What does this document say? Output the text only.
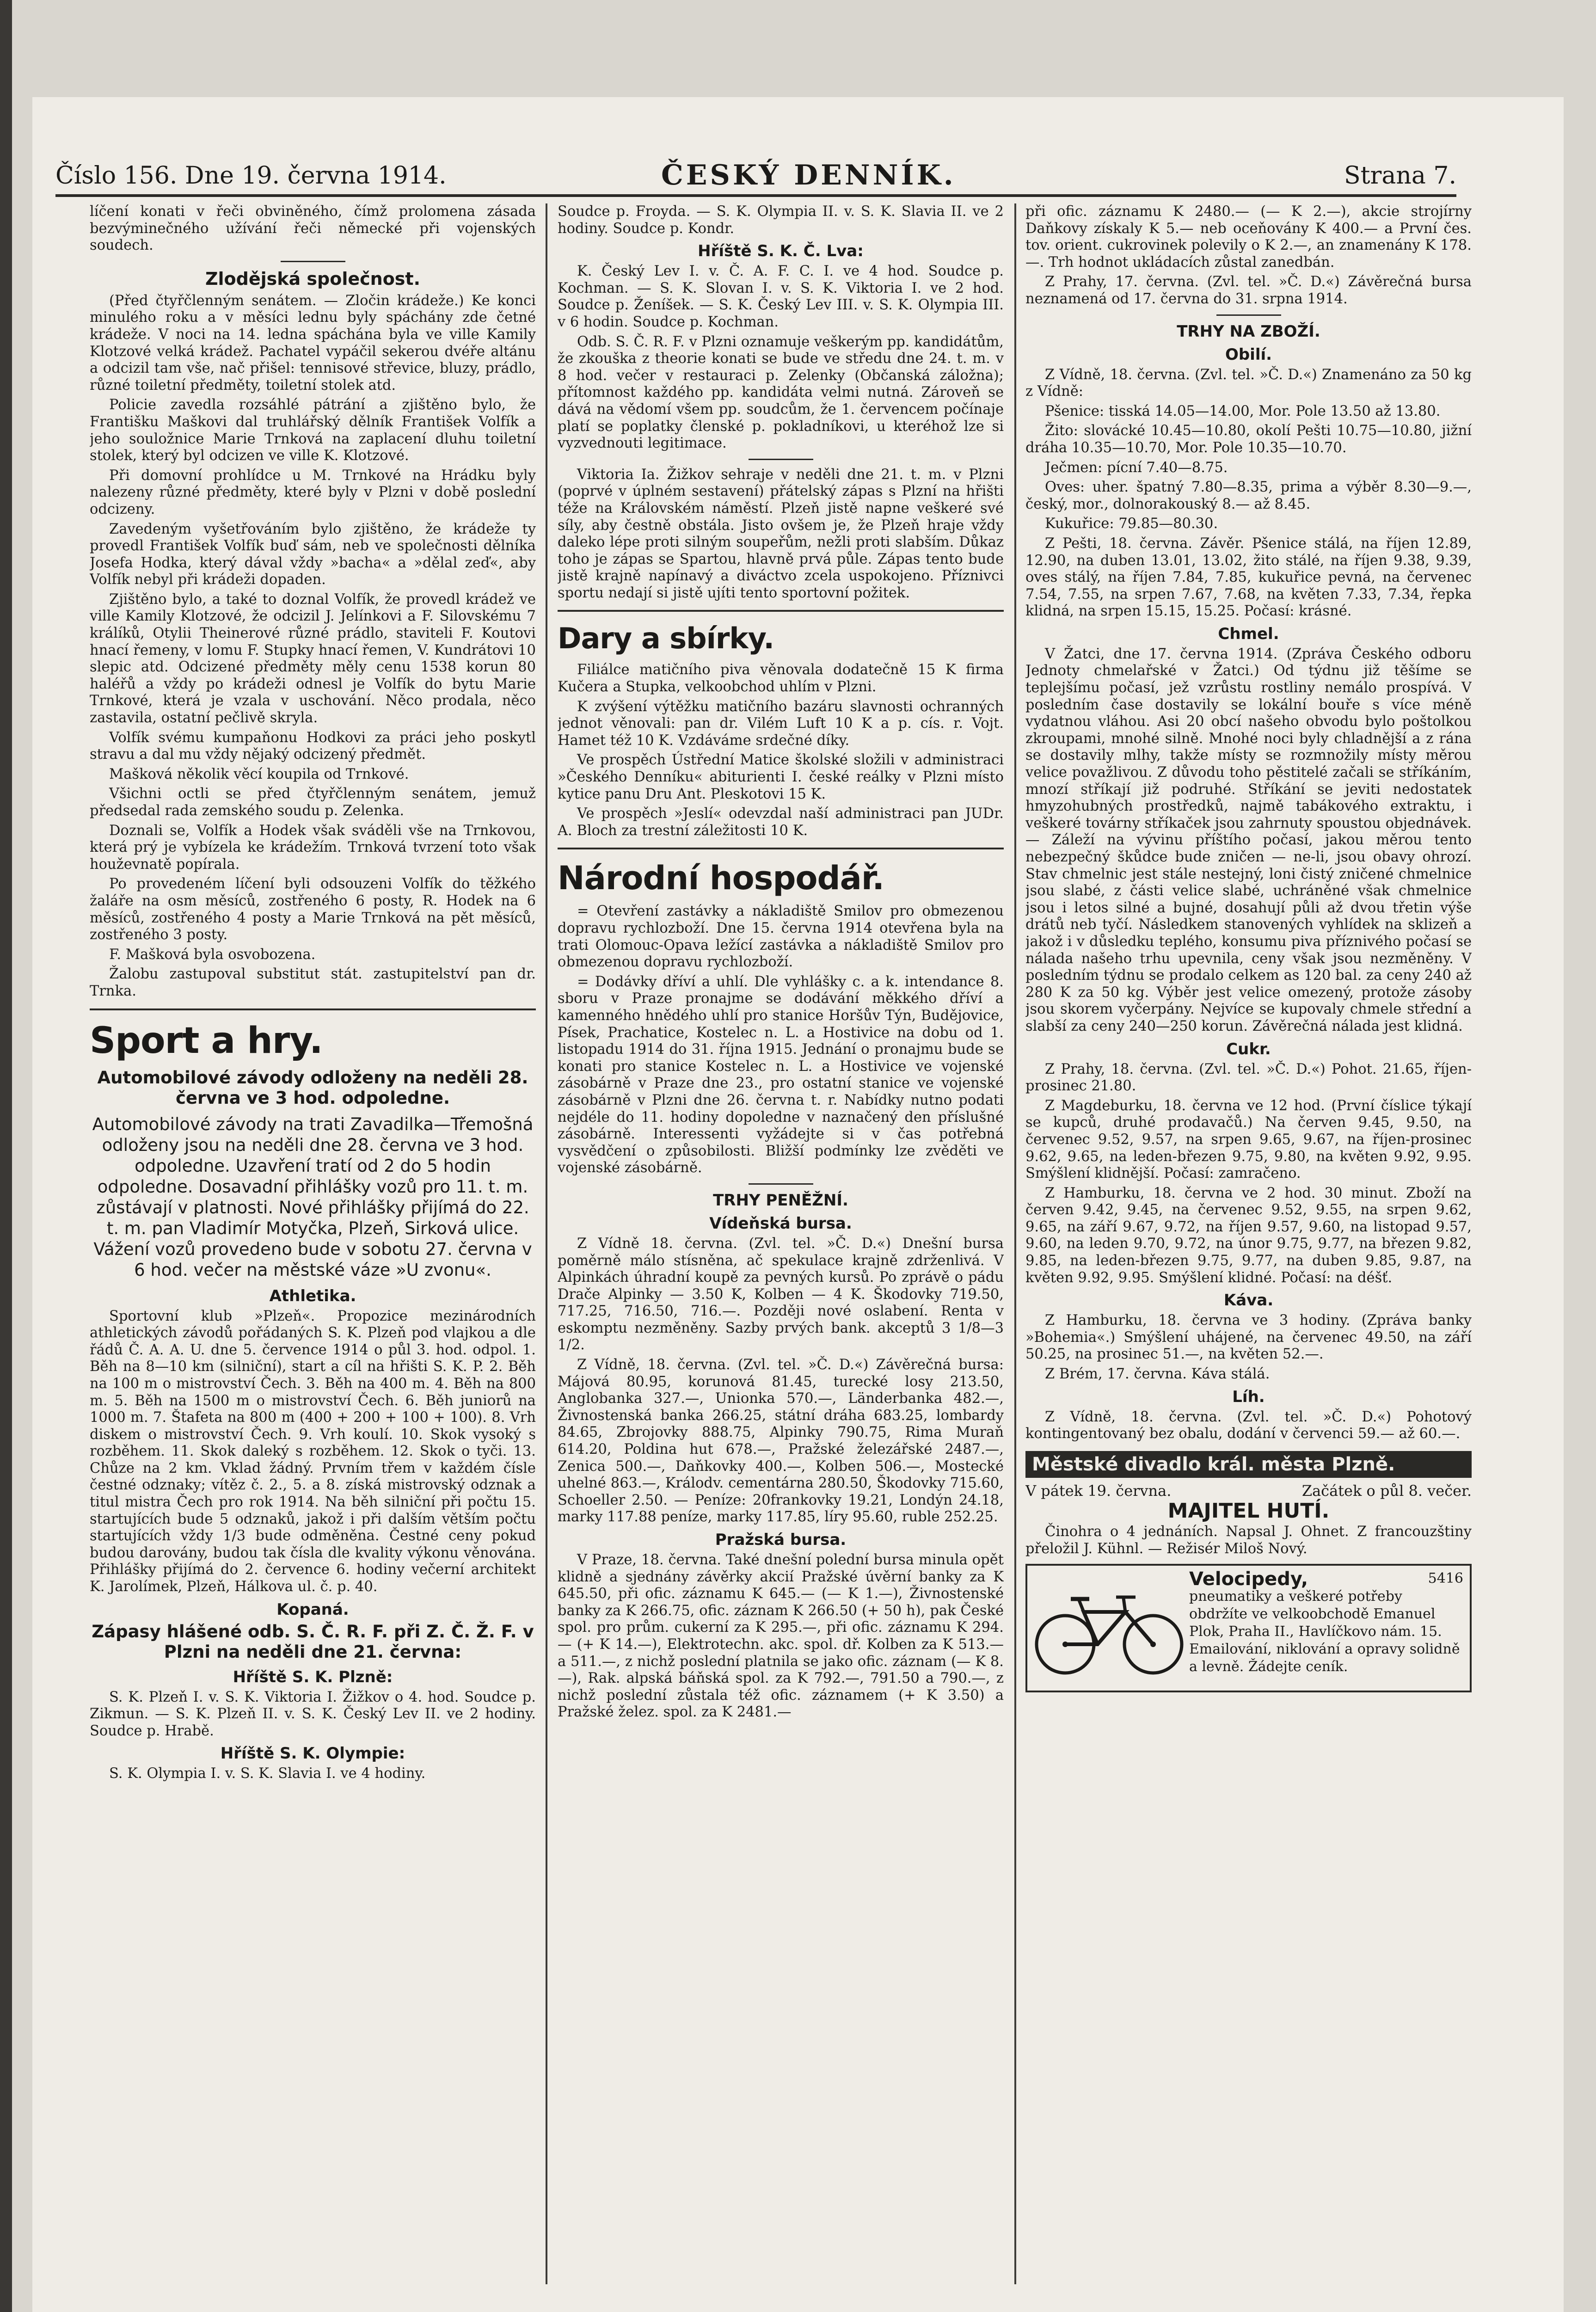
Číslo 156. Dne 19. června 1914.	ČESKÝ DENNÍK.	Strana 7.

líčení konati v řeči obviněného, čímž prolomena zásada bezvýminečného užívání řeči německé při vojenských soudech.

Zlodějská společnost.

(Před čtyřčlenným senátem. — Zločin krádeže.) Ke konci minulého roku a v měsíci lednu byly spáchány zde četné krádeže. V noci na 14. ledna spáchána byla ve ville Kamily Klotzové velká krádež. Pachatel vypáčil sekerou dvéře altánu a odcizil tam vše, nač přišel: tennisové střevice, bluzy, prádlo, různé toiletní předměty, toiletní stolek atd.

Policie zavedla rozsáhlé pátrání a zjištěno bylo, že Františku Maškovi dal truhlářský dělník František Volfík a jeho souložnice Marie Trnková na zaplacení dluhu toiletní stolek, který byl odcizen ve ville K. Klotzové.

Při domovní prohlídce u M. Trnkové na Hrádku byly nalezeny různé předměty, které byly v Plzni v době poslední odcizeny.

Zavedeným vyšetřováním bylo zjištěno, že krádeže ty provedl František Volfík buď sám, neb ve společnosti dělníka Josefa Hodka, který dával vždy »bacha« a »dělal zeď«, aby Volfík nebyl při krádeži dopaden.

Zjištěno bylo, a také to doznal Volfík, že provedl krádež ve ville Kamily Klotzové, že odcizil J. Jelínkovi a F. Silovskému 7 králíků, Otylii Theinerové různé prádlo, staviteli F. Koutovi hnací řemeny, v lomu F. Stupky hnací řemen, V. Kundrátovi 10 slepic atd. Odcizené předměty měly cenu 1538 korun 80 haléřů a vždy po krádeži odnesl je Volfík do bytu Marie Trnkové, která je vzala v uschování. Něco prodala, něco zastavila, ostatní pečlivě skryla.

Volfík svému kumpaňonu Hodkovi za práci jeho poskytl stravu a dal mu vždy nějaký odcizený předmět.

Mašková několik věcí koupila od Trnkové.

Všichni octli se před čtyřčlenným senátem, jemuž předsedal rada zemského soudu p. Zelenka.

Doznali se, Volfík a Hodek však sváděli vše na Trnkovou, která prý je vybízela ke krádežím. Trnková tvrzení toto však houževnatě popírala.

Po provedeném líčení byli odsouzeni Volfík do těžkého žaláře na osm měsíců, zostřeného 6 posty, R. Hodek na 6 měsíců, zostřeného 4 posty a Marie Trnková na pět měsíců, zostřeného 3 posty.

F. Mašková byla osvobozena.

Žalobu zastupoval substitut stát. zastupitelství pan dr. Trnka.

Sport a hry.
Automobilové závody odloženy na neděli 28. června ve 3 hod. odpoledne.
Automobilové závody na trati Zavadilka—Třemošná odloženy jsou na neděli dne 28. června ve 3 hod. odpoledne. Uzavření tratí od 2 do 5 hodin odpoledne. Dosavadní přihlášky vozů pro 11. t. m. zůstávají v platnosti. Nové přihlášky přijímá do 22. t. m. pan Vladimír Motyčka, Plzeň, Sirková ulice. Vážení vozů provedeno bude v sobotu 27. června v 6 hod. večer na městské váze »U zvonu«.
Athletika.

Sportovní klub »Plzeň«. Propozice mezinárodních athletických závodů pořádaných S. K. Plzeň pod vlajkou a dle řádů Č. A. A. U. dne 5. července 1914 o půl 3. hod. odpol. 1. Běh na 8—10 km (silniční), start a cíl na hřišti S. K. P. 2. Běh na 100 m o mistrovství Čech. 3. Běh na 400 m. 4. Běh na 800 m. 5. Běh na 1500 m o mistrovství Čech. 6. Běh juniorů na 1000 m. 7. Štafeta na 800 m (400 + 200 + 100 + 100). 8. Vrh diskem o mistrovství Čech. 9. Vrh koulí. 10. Skok vysoký s rozběhem. 11. Skok daleký s rozběhem. 12. Skok o tyči. 13. Chůze na 2 km. Vklad žádný. Prvním třem v každém čísle čestné odznaky; vítěz č. 2., 5. a 8. získá mistrovský odznak a titul mistra Čech pro rok 1914. Na běh silniční při počtu 15. startujících bude 5 odznaků, jakož i při dalším větším počtu startujících vždy 1/3 bude odměněna. Čestné ceny pokud budou darovány, budou tak čísla dle kvality výkonu věnována. Přihlášky přijímá do 2. července 6. hodiny večerní architekt K. Jarolímek, Plzeň, Hálkova ul. č. p. 40.

Kopaná.
Zápasy hlášené odb. S. Č. R. F. při Z. Č. Ž. F. v Plzni na neděli dne 21. června:
Hříště S. K. Plzně:

S. K. Plzeň I. v. S. K. Viktoria I. Žižkov o 4. hod. Soudce p. Zikmun. — S. K. Plzeň II. v. S. K. Český Lev II. ve 2 hodiny. Soudce p. Hrabě.

Hříště S. K. Olympie:

S. K. Olympia I. v. S. K. Slavia I. ve 4 hodiny.

Soudce p. Froyda. — S. K. Olympia II. v. S. K. Slavia II. ve 2 hodiny. Soudce p. Kondr.

Hříště S. K. Č. Lva:

K. Český Lev I. v. Č. A. F. C. I. ve 4 hod. Soudce p. Kochman. — S. K. Slovan I. v. S. K. Viktoria I. ve 2 hod. Soudce p. Ženíšek. — S. K. Český Lev III. v. S. K. Olympia III. v 6 hodin. Soudce p. Kochman.

Odb. S. Č. R. F. v Plzni oznamuje veškerým pp. kandidátům, že zkouška z theorie konati se bude ve středu dne 24. t. m. v 8 hod. večer v restauraci p. Zelenky (Občanská záložna); přítomnost každého pp. kandidáta velmi nutná. Zároveň se dává na vědomí všem pp. soudcům, že 1. červencem počínaje platí se poplatky členské p. pokladníkovi, u kteréhož lze si vyzvednouti legitimace.

Viktoria Ia. Žižkov sehraje v neděli dne 21. t. m. v Plzni (poprvé v úplném sestavení) přátelský zápas s Plzní na hřišti téže na Královském náměstí. Plzeň jistě napne veškeré své síly, aby čestně obstála. Jisto ovšem je, že Plzeň hraje vždy daleko lépe proti silným soupeřům, nežli proti slabším. Důkaz toho je zápas se Spartou, hlavně prvá půle. Zápas tento bude jistě krajně napínavý a diváctvo zcela uspokojeno. Příznivci sportu nedají si jistě ujíti tento sportovní požitek.

Dary a sbírky.

Filiálce matičního piva věnovala dodatečně 15 K firma Kučera a Stupka, velkoobchod uhlím v Plzni.

K zvýšení výtěžku matičního bazáru slavnosti ochranných jednot věnovali: pan dr. Vilém Luft 10 K a p. cís. r. Vojt. Hamet též 10 K. Vzdáváme srdečné díky.

Ve prospěch Ústřední Matice školské složili v administraci »Českého Denníku« abiturienti I. české reálky v Plzni místo kytice panu Dru Ant. Pleskotovi 15 K.

Ve prospěch »Jeslí« odevzdal naší administraci pan JUDr. A. Bloch za trestní záležitosti 10 K.

Národní hospodář.

= Otevření zastávky a nákladiště Smilov pro obmezenou dopravu rychlozboží. Dne 15. června 1914 otevřena byla na trati Olomouc-Opava ležící zastávka a nákladiště Smilov pro obmezenou dopravu rychlozboží.

= Dodávky dříví a uhlí. Dle vyhlášky c. a k. intendance 8. sboru v Praze pronajme se dodávání měkkého dříví a kamenného hnědého uhlí pro stanice Horšův Týn, Budějovice, Písek, Prachatice, Kostelec n. L. a Hostivice na dobu od 1. listopadu 1914 do 31. října 1915. Jednání o pronajmu bude se konati pro stanice Kostelec n. L. a Hostivice ve vojenské zásobárně v Praze dne 23., pro ostatní stanice ve vojenské zásobárně v Plzni dne 26. června t. r. Nabídky nutno podati nejdéle do 11. hodiny dopoledne v naznačený den příslušné zásobárně. Interessenti vyžádejte si v čas potřebná vysvědčení o způsobilosti. Bližší podmínky lze zvěděti ve vojenské zásobárně.

TRHY PENĚŽNÍ.
Vídeňská bursa.

Z Vídně 18. června. (Zvl. tel. »Č. D.«) Dnešní bursa poměrně málo stísněna, ač spekulace krajně zdrženlivá. V Alpinkách úhradní koupě za pevných kursů. Po zprávě o pádu Drače Alpinky — 3.50 K, Kolben — 4 K. Škodovky 719.50, 717.25, 716.50, 716.—. Později nové oslabení. Renta v eskomptu nezměněny. Sazby prvých bank. akceptů 3 1/8—3 1/2.

Z Vídně, 18. června. (Zvl. tel. »Č. D.«) Závěrečná bursa: Májová 80.95, korunová 81.45, turecké losy 213.50, Anglobanka 327.—, Unionka 570.—, Länderbanka 482.—, Živnostenská banka 266.25, státní dráha 683.25, lombardy 84.65, Zbrojovky 888.75, Alpinky 790.75, Rima Muraň 614.20, Poldina hut 678.—, Pražské železářské 2487.—, Zenica 500.—, Daňkovky 400.—, Kolben 506.—, Mostecké uhelné 863.—, Králodv. cementárna 280.50, Škodovky 715.60, Schoeller 2.50. — Peníze: 20frankovky 19.21, Londýn 24.18, marky 117.88 peníze, marky 117.85, líry 95.60, ruble 252.25.

Pražská bursa.

V Praze, 18. června. Také dnešní polední bursa minula opět klidně a sjednány závěrky akcií Pražské úvěrní banky za K 645.50, při ofic. záznamu K 645.— (— K 1.—), Živnostenské banky za K 266.75, ofic. záznam K 266.50 (+ 50 h), pak České spol. pro prům. cukerní za K 295.—, při ofic. záznamu K 294.— (+ K 14.—), Elektrotechn. akc. spol. dř. Kolben za K 513.— a 511.—, z nichž poslední platnila se jako ofic. záznam (— K 8.—), Rak. alpská báňská spol. za K 792.—, 791.50 a 790.—, z nichž poslední zůstala též ofic. záznamem (+ K 3.50) a Pražské želez. spol. za K 2481.—

při ofic. záznamu K 2480.— (— K 2.—), akcie strojírny Daňkovy získaly K 5.— neb oceňovány K 400.— a První čes. tov. orient. cukrovinek polevily o K 2.—, an znamenány K 178.—. Trh hodnot ukládacích zůstal zanedbán.

Z Prahy, 17. června. (Zvl. tel. »Č. D.«) Závěrečná bursa neznamená od 17. června do 31. srpna 1914.

TRHY NA ZBOŽÍ.
Obilí.

Z Vídně, 18. června. (Zvl. tel. »Č. D.«) Znamenáno za 50 kg z Vídně:

Pšenice: tisská 14.05—14.00, Mor. Pole 13.50 až 13.80.

Žito: slovácké 10.45—10.80, okolí Pešti 10.75—10.80, jižní dráha 10.35—10.70, Mor. Pole 10.35—10.70.

Ječmen: pícní 7.40—8.75.

Oves: uher. špatný 7.80—8.35, prima a výběr 8.30—9.—, český, mor., dolnorakouský 8.— až 8.45.

Kukuřice: 79.85—80.30.

Z Pešti, 18. června. Závěr. Pšenice stálá, na říjen 12.89, 12.90, na duben 13.01, 13.02, žito stálé, na říjen 9.38, 9.39, oves stálý, na říjen 7.84, 7.85, kukuřice pevná, na červenec 7.54, 7.55, na srpen 7.67, 7.68, na květen 7.33, 7.34, řepka klidná, na srpen 15.15, 15.25. Počasí: krásné.

Chmel.

V Žatci, dne 17. června 1914. (Zpráva Českého odboru Jednoty chmelařské v Žatci.) Od týdnu již těšíme se teplejšímu počasí, jež vzrůstu rostliny nemálo prospívá. V posledním čase dostavily se lokální bouře s více méně vydatnou vláhou. Asi 20 obcí našeho obvodu bylo poštolkou zkroupami, mnohé silně. Mnohé noci byly chladnější a z rána se dostavily mlhy, takže místy se rozmnožily místy měrou velice považlivou. Z důvodu toho pěstitelé začali se stříkáním, mnozí stříkají již podruhé. Stříkání se jeviti nedostatek hmyzohubných prostředků, najmě tabákového extraktu, i veškeré továrny stříkaček jsou zahrnuty spoustou objednávek. — Záleží na vývinu příštího počasí, jakou měrou tento nebezpečný škůdce bude zničen — ne-li, jsou obavy ohrozí. Stav chmelnic jest stále nestejný, loni čistý zničené chmelnice jsou slabé, z části velice slabé, uchráněné však chmelnice jsou i letos silné a bujné, dosahují půli až dvou třetin výše drátů neb tyčí. Následkem stanovených vyhlídek na sklizeň a jakož i v důsledku teplého, konsumu piva příznivého počasí se nálada našeho trhu upevnila, ceny však jsou nezměněny. V posledním týdnu se prodalo celkem as 120 bal. za ceny 240 až 280 K za 50 kg. Výběr jest velice omezený, protože zásoby jsou skorem vyčerpány. Nejvíce se kupovaly chmele střední a slabší za ceny 240—250 korun. Závěrečná nálada jest klidná.

Cukr.

Z Prahy, 18. června. (Zvl. tel. »Č. D.«) Pohot. 21.65, říjen-prosinec 21.80.

Z Magdeburku, 18. června ve 12 hod. (První číslice týkají se kupců, druhé prodavačů.) Na červen 9.45, 9.50, na červenec 9.52, 9.57, na srpen 9.65, 9.67, na říjen-prosinec 9.62, 9.65, na leden-březen 9.75, 9.80, na květen 9.92, 9.95. Smýšlení klidnější. Počasí: zamračeno.

Z Hamburku, 18. června ve 2 hod. 30 minut. Zboží na červen 9.42, 9.45, na červenec 9.52, 9.55, na srpen 9.62, 9.65, na září 9.67, 9.72, na říjen 9.57, 9.60, na listopad 9.57, 9.60, na leden 9.70, 9.72, na únor 9.75, 9.77, na březen 9.82, 9.85, na leden-březen 9.75, 9.77, na duben 9.85, 9.87, na květen 9.92, 9.95. Smýšlení klidné. Počasí: na déšť.

Káva.

Z Hamburku, 18. června ve 3 hodiny. (Zpráva banky »Bohemia«.) Smýšlení uhájené, na červenec 49.50, na září 50.25, na prosinec 51.—, na květen 52.—.

Z Brém, 17. června. Káva stálá.

Líh.

Z Vídně, 18. června. (Zvl. tel. »Č. D.«) Pohotový kontingentovaný bez obalu, dodání v červenci 59.— až 60.—.

Městské divadlo král. města Plzně.
V pátek 19. června.	Začátek o půl 8. večer.
MAJITEL HUTÍ.

Činohra o 4 jednáních. Napsal J. Ohnet. Z francouzštiny přeložil J. Kühnl. — Režisér Miloš Nový.

Velocipedy,
pneumatiky a veškeré potřeby obdržíte ve velkoobchodě Emanuel Plok, Praha II., Havlíčkovo nám. 15. Emailování, niklování a opravy solidně a levně. Žádejte ceník.
5416
